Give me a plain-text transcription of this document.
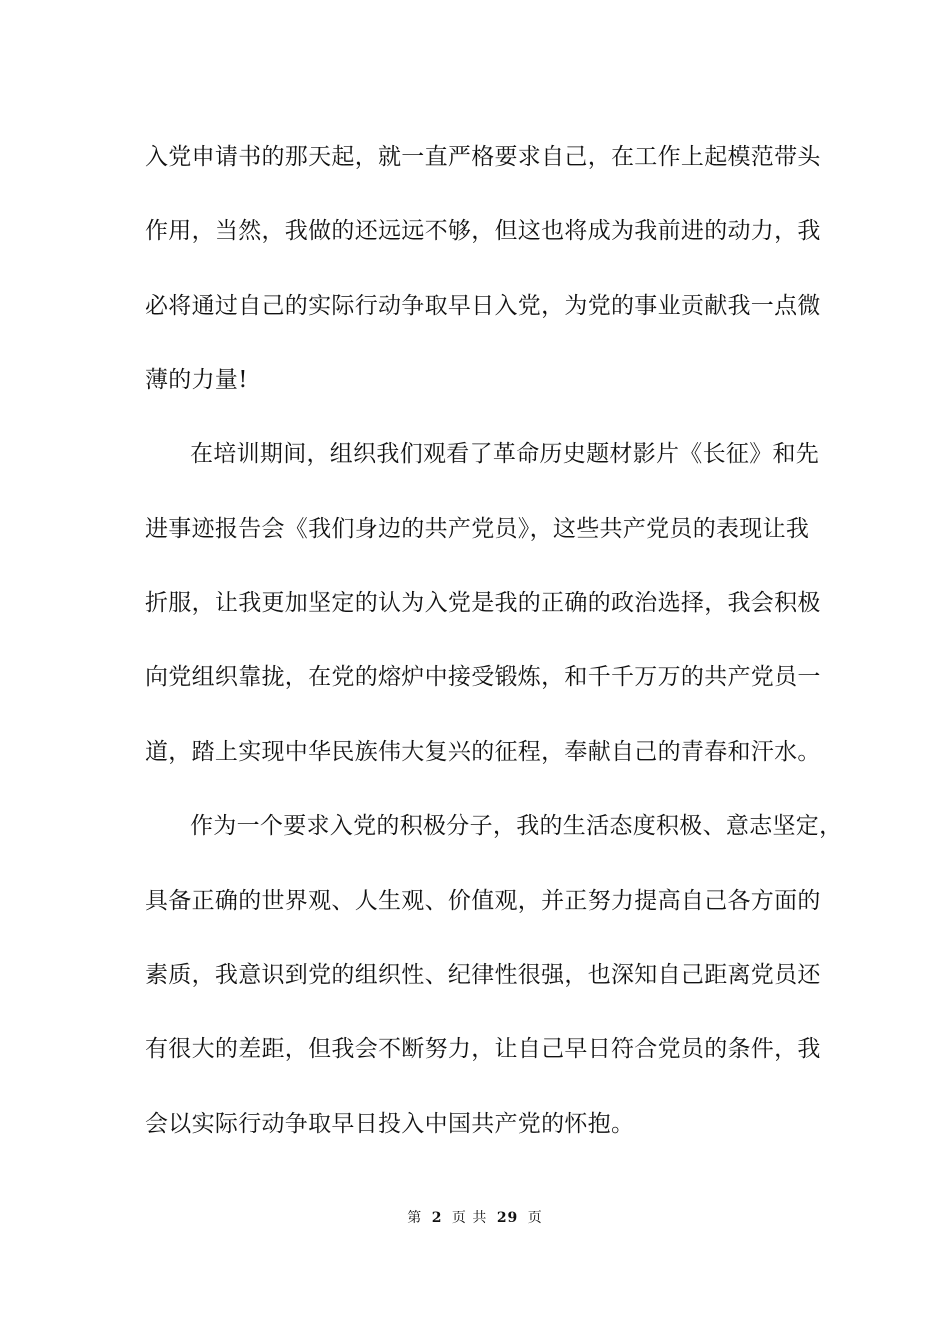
入党申请书的那天起，就一直严格要求自己，在工作上起模范带头
作用，当然，我做的还远远不够，但这也将成为我前进的动力，我
必将通过自己的实际行动争取早日入党，为党的事业贡献我一点微
薄的力量!
在培训期间，组织我们观看了革命历史题材影片《长征》和先
进事迹报告会《我们身边的共产党员》，这些共产党员的表现让我
折服，让我更加坚定的认为入党是我的正确的政治选择，我会积极
向党组织靠拢，在党的熔炉中接受锻炼，和千千万万的共产党员一
道，踏上实现中华民族伟大复兴的征程，奉献自己的青春和汗水。
作为一个要求入党的积极分子，我的生活态度积极、意志坚定，
具备正确的世界观、人生观、价值观，并正努力提高自己各方面的
素质，我意识到党的组织性、纪律性很强，也深知自己距离党员还
有很大的差距，但我会不断努力，让自己早日符合党员的条件，我
会以实际行动争取早日投入中国共产党的怀抱。
第 2 页 共 29 页
